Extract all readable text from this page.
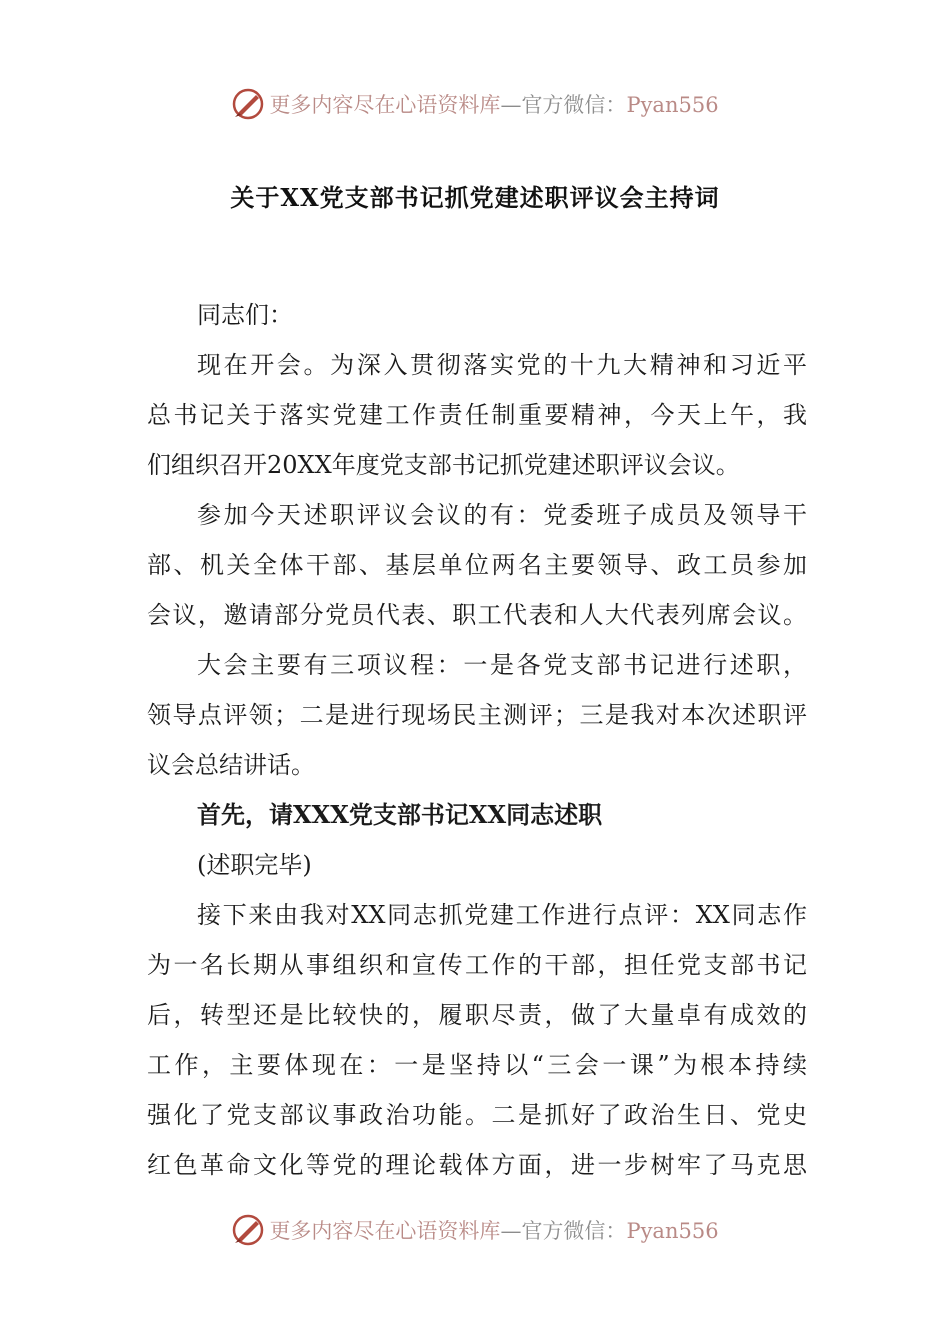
更多内容尽在心语资料库—官方微信：Pyan556
关于XX党支部书记抓党建述职评议会主持词
同志们：
现在开会。为深入贯彻落实党的十九大精神和习近平
总书记关于落实党建工作责任制重要精神，今天上午，我
们组织召开20XX年度党支部书记抓党建述职评议会议。
参加今天述职评议会议的有：党委班子成员及领导干
部、机关全体干部、基层单位两名主要领导、政工员参加
会议，邀请部分党员代表、职工代表和人大代表列席会议。
大会主要有三项议程：一是各党支部书记进行述职，
领导点评领；二是进行现场民主测评；三是我对本次述职评
议会总结讲话。
首先，请XXX党支部书记XX同志述职
(述职完毕)
接下来由我对XX同志抓党建工作进行点评：XX同志作
为一名长期从事组织和宣传工作的干部，担任党支部书记
后，转型还是比较快的，履职尽责，做了大量卓有成效的
工作，主要体现在：一是坚持以“三会一课”为根本持续
强化了党支部议事政治功能。二是抓好了政治生日、党史
红色革命文化等党的理论载体方面，进一步树牢了马克思
更多内容尽在心语资料库—官方微信：Pyan556
